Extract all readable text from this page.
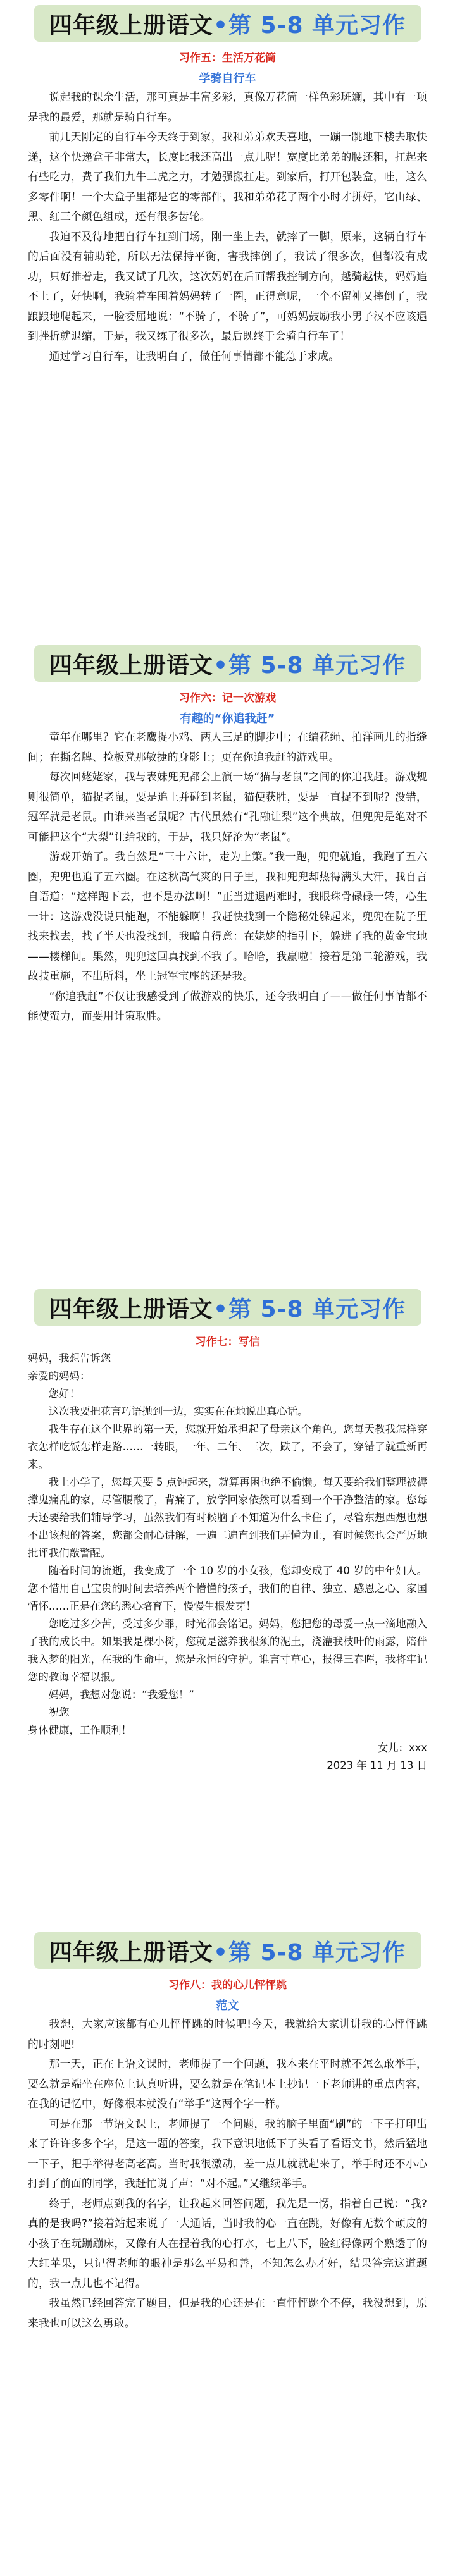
四年级上册语文 •第 5-8 单元习作
习作五：生活万花筒
学骑自行车

说起我的课余生活，那可真是丰富多彩，真像万花筒一样色彩斑斓，其中有一项是我的最爱，那就是骑自行车。

前几天刚定的自行车今天终于到家，我和弟弟欢天喜地，一蹦一跳地下楼去取快递，这个快递盒子非常大，长度比我还高出一点儿呢！宽度比弟弟的腰还粗，扛起来有些吃力，费了我们九牛二虎之力，才勉强搬扛走。到家后，打开包装盒，哇，这么多零件啊！一个大盒子里都是它的零部件，我和弟弟花了两个小时才拼好，它由绿、黑、红三个颜色组成，还有很多齿轮。

我迫不及待地把自行车扛到门场，刚一坐上去，就摔了一脚，原来，这辆自行车的后面没有辅助轮，所以无法保持平衡，害我摔倒了，我试了很多次，但都没有成功，只好推着走，我又试了几次，这次妈妈在后面帮我控制方向，越骑越快，妈妈追不上了，好快啊，我骑着车围着妈妈转了一圈，正得意呢，一个不留神又摔倒了，我踉踉地爬起来，一脸委屈地说：“不骑了，不骑了”，可妈妈鼓励我小男子汉不应该遇到挫折就退缩，于是，我又练了很多次，最后既终于会骑自行车了！

通过学习自行车，让我明白了，做任何事情都不能急于求成。

四年级上册语文 •第 5-8 单元习作
习作六：记一次游戏
有趣的“你追我赶”

童年在哪里？它在老鹰捉小鸡、两人三足的脚步中；在编花绳、拍洋画儿的指缝间；在撕名牌、捡板凳那敏捷的身影上；更在你追我赶的游戏里。

每次回姥姥家，我与表妹兜兜都会上演一场“猫与老鼠”之间的你追我赶。游戏规则很简单，猫捉老鼠，要是追上并碰到老鼠，猫便获胜，要是一直捉不到呢？没错，冠军就是老鼠。由谁来当老鼠呢？古代虽然有“孔融让梨”这个典故，但兜兜是绝对不可能把这个“大梨”让给我的，于是，我只好沦为“老鼠”。

游戏开始了。我自然是“三十六计，走为上策。”我一跑，兜兜就追，我跑了五六圈，兜兜也追了五六圈。在这秋高气爽的日子里，我和兜兜却热得满头大汗，我自言自语道：“这样跑下去，也不是办法啊！”正当进退两难时，我眼珠骨碌碌一转，心生一计：这游戏没说只能跑，不能躲啊！我赶快找到一个隐秘处躲起来，兜兜在院子里找来找去，找了半天也没找到，我暗自得意：在姥姥的指引下，躲进了我的黄金宝地——楼梯间。果然，兜兜这回真找到不我了。哈哈，我赢啦！接着是第二轮游戏，我故技重施，不出所料，坐上冠军宝座的还是我。

“你追我赶”不仅让我感受到了做游戏的快乐，还令我明白了——做任何事情都不能使蛮力，而要用计策取胜。

四年级上册语文 •第 5-8 单元习作
习作七：写信

妈妈，我想告诉您

亲爱的妈妈：

您好！

这次我要把花言巧语抛到一边，实实在在地说出真心话。

我生存在这个世界的第一天，您就开始承担起了母亲这个角色。您每天教我怎样穿衣怎样吃饭怎样走路……一转眼，一年、二年、三次，跌了，不会了，穿错了就重新再来。

我上小学了，您每天要 5 点钟起来，就算再困也绝不偷懒。每天要给我们整理被褥撑鬼痛乱的家，尽管腰酸了，背痛了，放学回家依然可以看到一个干净整洁的家。您每天还要给我们辅导学习，虽然我们有时候脑子不知道为什么卡住了，尽管东想西想也想不出该想的答案，您都会耐心讲解，一遍二遍直到我们弄懂为止，有时候您也会严厉地批评我们敲警醒。

随着时间的流逝，我变成了一个 10 岁的小女孩，您却变成了 40 岁的中年妇人。您不惜用自己宝贵的时间去培养两个懵懂的孩子，我们的自律、独立、感恩之心、家国情怀……正是在您的悉心培育下，慢慢生根发芽！

您吃过多少苦，受过多少罪，时光都会铭记。妈妈，您把您的母爱一点一滴地融入了我的成长中。如果我是棵小树，您就是滋养我根须的泥土，浇灌我枝叶的雨露，陪伴我入梦的阳光，在我的生命中，您是永恒的守护。谁言寸草心，报得三春晖，我将牢记您的教诲幸福以报。

妈妈，我想对您说：“我爱您！”

祝您

身体健康，工作顺利！

女儿：xxx

2023 年 11 月 13 日

四年级上册语文 •第 5-8 单元习作
习作八：我的心儿怦怦跳
范文

我想，大家应该都有心儿怦怦跳的时候吧!今天，我就给大家讲讲我的心怦怦跳的时刻吧!

那一天，正在上语文课时，老师提了一个问题，我本来在平时就不怎么敢举手，要么就是端坐在座位上认真听讲，要么就是在笔记本上抄记一下老师讲的重点内容，在我的记忆中，好像根本就没有“举手”这两个字一样。

可是在那一节语文课上，老师提了一个问题，我的脑子里面“刷”的一下子打印出来了许许多多个字，是这一题的答案，我下意识地低下了头看了看语文书，然后猛地一下子，把手举得老高老高。当时我很激动，差一点儿就就起来了，举手时还不小心打到了前面的同学，我赶忙说了声：“对不起。”又继续举手。

终于，老师点到我的名字，让我起来回答问题，我先是一愣，指着自己说：“我?真的是我吗?”接着站起来说了一大通话，当时我的心一直在跳，好像有无数个顽皮的小孩子在玩蹦蹦床，又像有人在捏着我的心打水，七上八下，脸红得像两个熟透了的大红苹果，只记得老师的眼神是那么平易和善，不知怎么办才好，结果答完这道题的，我一点儿也不记得。

我虽然已经回答完了题目，但是我的心还是在一直怦怦跳个不停，我没想到，原来我也可以这么勇敢。
